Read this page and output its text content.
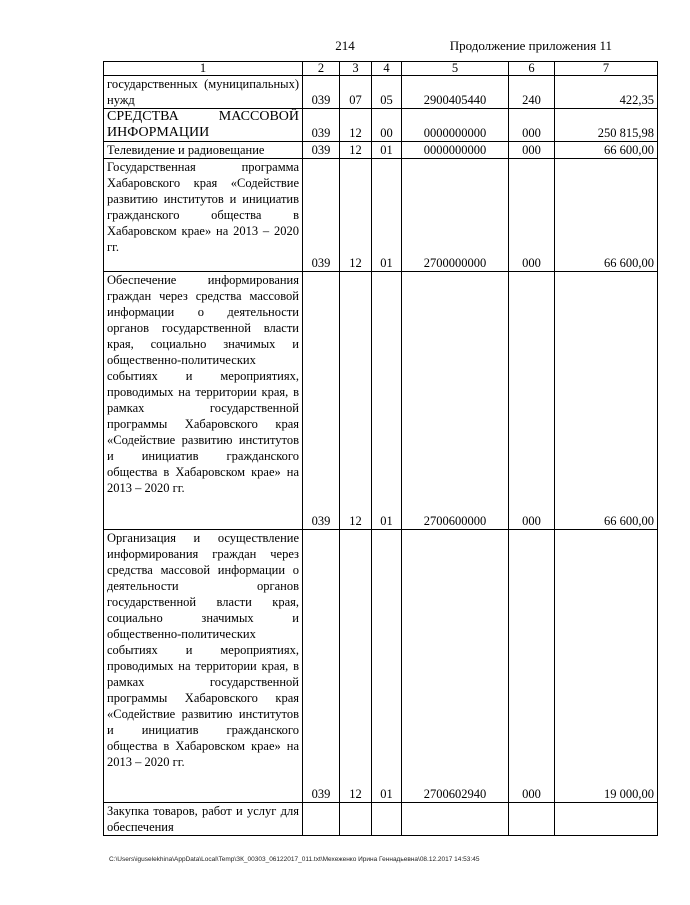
214	Продолжение приложения 11
1	2	3	4	5	6	7
государственных (муниципальных) нужд	039	07	05	2900405440	240	422,35
СРЕДСТВА МАССОВОЙ ИНФОРМАЦИИ	039	12	00	0000000000	000	250 815,98
Телевидение и радиовещание	039	12	01	0000000000	000	66 600,00
Государственная программа Хабаровского края «Содействие развитию институтов и инициатив гражданского общества в Хабаровском крае» на 2013 – 2020 гг.	039	12	01	2700000000	000	66 600,00
Обеспечение информирования граждан через средства массовой информации о деятельности органов государственной власти края, социально значимых и общественно-политических событиях и мероприятиях, проводимых на территории края, в рамках государственной программы Хабаровского края «Содействие развитию институтов и инициатив гражданского общества в Хабаровском крае» на 2013 – 2020 гг.	039	12	01	2700600000	000	66 600,00
Организация и осуществление информирования граждан через средства массовой информации о деятельности органов государственной власти края, социально значимых и общественно-политических событиях и мероприятиях, проводимых на территории края, в рамках государственной программы Хабаровского края «Содействие развитию институтов и инициатив гражданского общества в Хабаровском крае» на 2013 – 2020 гг.	039	12	01	2700602940	000	19 000,00
Закупка товаров, работ и услуг для обеспечения						
C:\Users\iguselekhina\AppData\Local\Temp\ЗК_00303_06122017_011.txt\Мехеженко Ирина Геннадьевна\08.12.2017 14:53:45
